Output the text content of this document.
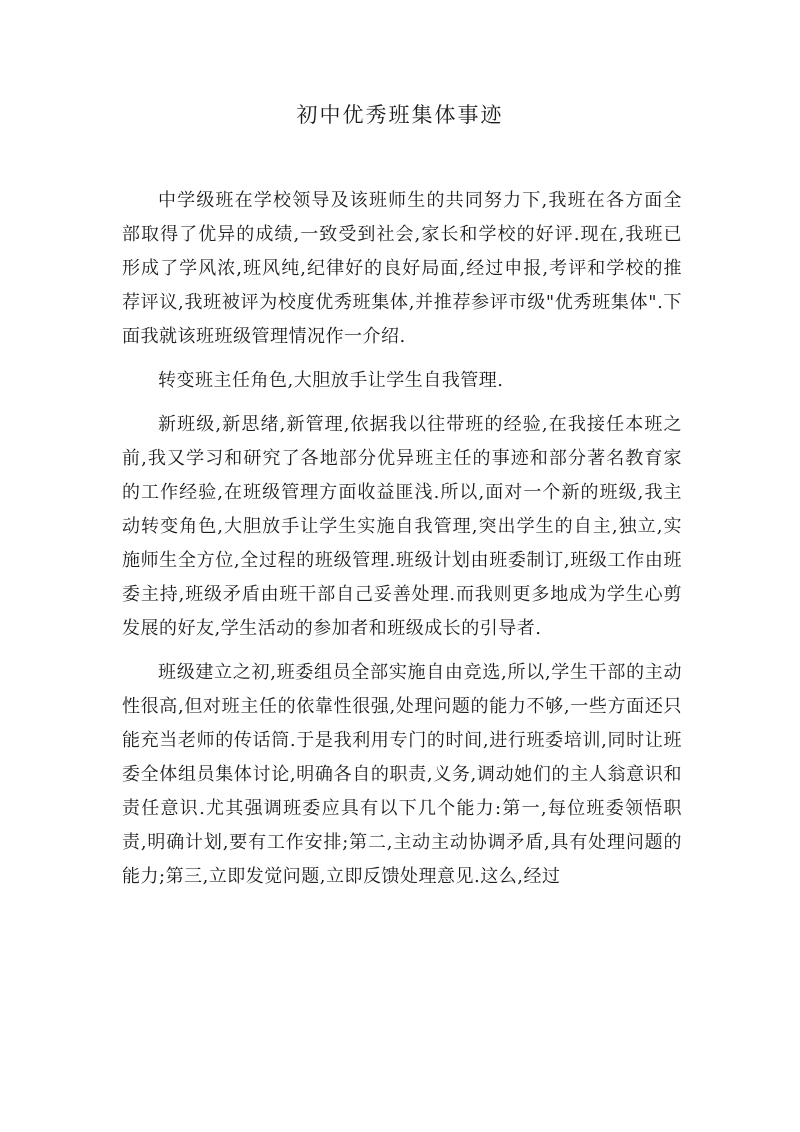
初中优秀班集体事迹

中学级班在学校领导及该班师生的共同努力下,我班在各方面全部取得了优异的成绩,一致受到社会,家长和学校的好评.现在,我班已形成了学风浓,班风纯,纪律好的良好局面,经过申报,考评和学校的推荐评议,我班被评为校度优秀班集体,并推荐参评市级"优秀班集体".下面我就该班班级管理情况作一介绍.

转变班主任角色,大胆放手让学生自我管理.

新班级,新思绪,新管理,依据我以往带班的经验,在我接任本班之前,我又学习和研究了各地部分优异班主任的事迹和部分著名教育家的工作经验,在班级管理方面收益匪浅.所以,面对一个新的班级,我主动转变角色,大胆放手让学生实施自我管理,突出学生的自主,独立,实施师生全方位,全过程的班级管理.班级计划由班委制订,班级工作由班委主持,班级矛盾由班干部自己妥善处理.而我则更多地成为学生心剪发展的好友,学生活动的参加者和班级成长的引导者.

班级建立之初,班委组员全部实施自由竞选,所以,学生干部的主动性很高,但对班主任的依靠性很强,处理问题的能力不够,一些方面还只能充当老师的传话筒.于是我利用专门的时间,进行班委培训,同时让班委全体组员集体讨论,明确各自的职责,义务,调动她们的主人翁意识和责任意识.尤其强调班委应具有以下几个能力:第一,每位班委领悟职责,明确计划,要有工作安排;第二,主动主动协调矛盾,具有处理问题的能力;第三,立即发觉问题,立即反馈处理意见.这么,经过
